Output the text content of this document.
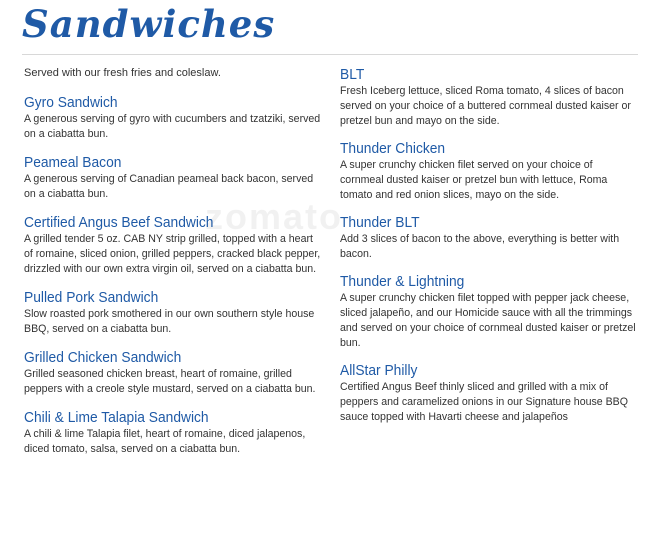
Sandwiches
zomato

Served with our fresh fries and coleslaw.

Gyro Sandwich

A generous serving of gyro with cucumbers and tzatziki, served on a ciabatta bun.

Peameal Bacon

A generous serving of Canadian peameal back bacon, served on a ciabatta bun.

Certified Angus Beef Sandwich

A grilled tender 5 oz. CAB NY strip grilled, topped with a heart of romaine, sliced onion, grilled peppers, cracked black pepper, drizzled with our own extra virgin oil, served on a ciabatta bun.

Pulled Pork Sandwich

Slow roasted pork smothered in our own southern style house BBQ, served on a ciabatta bun.

Grilled Chicken Sandwich

Grilled seasoned chicken breast, heart of romaine, grilled peppers with a creole style mustard, served on a ciabatta bun.

Chili & Lime Talapia Sandwich

A chili & lime Talapia filet, heart of romaine, diced jalapenos, diced tomato, salsa, served on a ciabatta bun.

BLT

Fresh Iceberg lettuce, sliced Roma tomato, 4 slices of bacon served on your choice of a buttered cornmeal dusted kaiser or pretzel bun and mayo on the side.

Thunder Chicken

A super crunchy chicken filet served on your choice of cornmeal dusted kaiser or pretzel bun with lettuce, Roma tomato and red onion slices, mayo on the side.

Thunder BLT

Add 3 slices of bacon to the above, everything is better with bacon.

Thunder & Lightning

A super crunchy chicken filet topped with pepper jack cheese, sliced jalapeño, and our Homicide sauce with all the trimmings and served on your choice of cornmeal dusted kaiser or pretzel bun.

AllStar Philly

Certified Angus Beef thinly sliced and grilled with a mix of peppers and caramelized onions in our Signature house BBQ sauce topped with Havarti cheese and jalapeños
